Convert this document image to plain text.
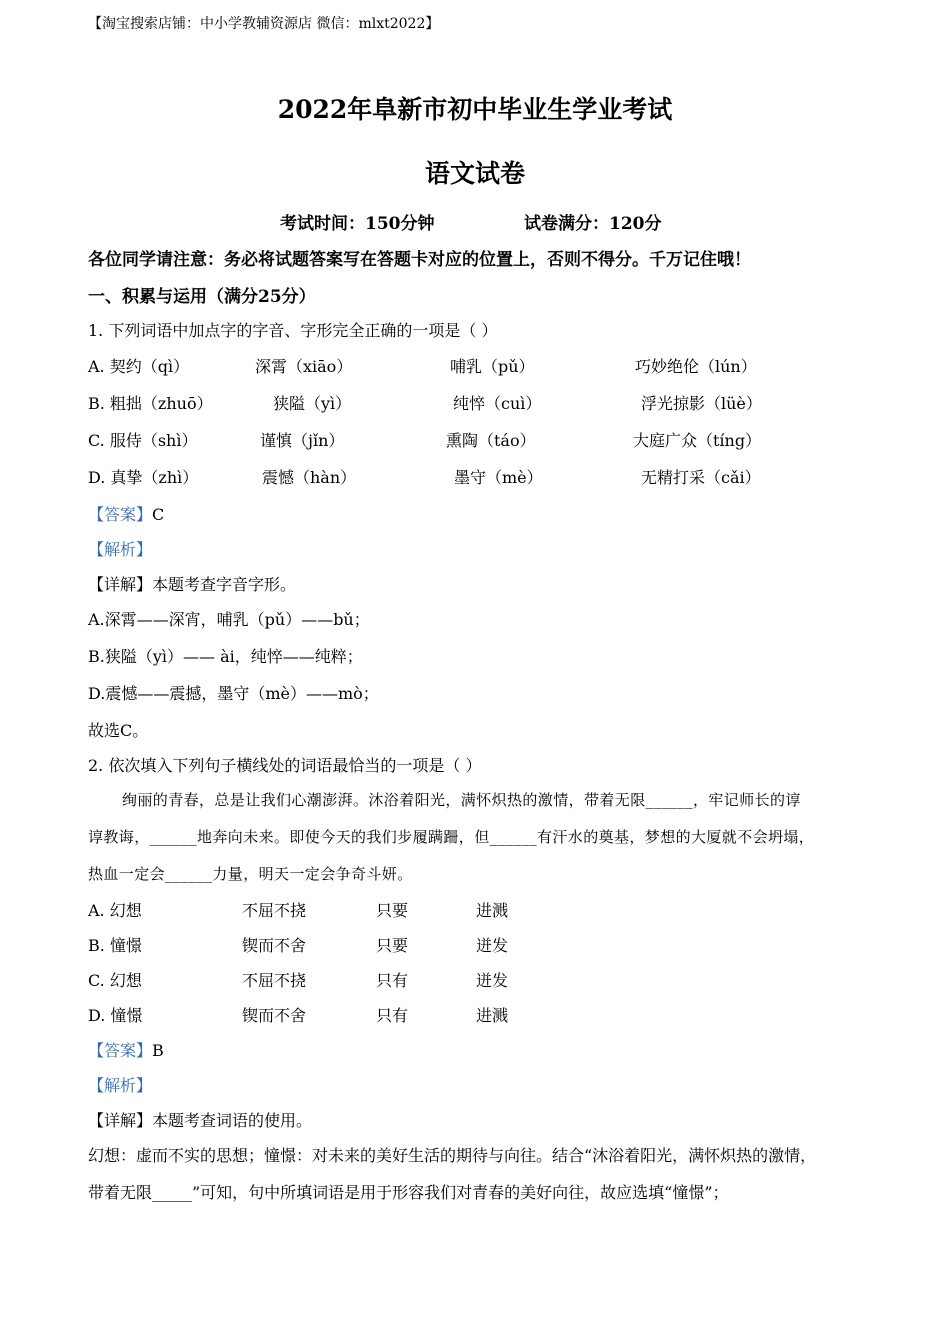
【淘宝搜索店铺：中小学教辅资源店 微信：mlxt2022】
2022年阜新市初中毕业生学业考试
语文试卷
考试时间：150分钟	试卷满分：120分
各位同学请注意：务必将试题答案写在答题卡对应的位置上，否则不得分。千万记住哦！
一、积累与运用（满分25分）
1. 下列词语中加点字的字音、字形完全正确的一项是（ ）
A. 契约（qì）	深霄（xiāo）	哺乳（pǔ）	巧妙绝伦（lún）
B. 粗拙（zhuō）	狭隘（yì）	纯悴（cuì）	浮光掠影（lüè）
C. 服侍（shì）	谨慎（jǐn）	熏陶（táo）	大庭广众（tíng）
D. 真挚（zhì）	震憾（hàn）	墨守（mè）	无精打采（cǎi）
【答案】C
【解析】
【详解】本题考查字音字形。
A.深霄——深宵，哺乳（pǔ）——bǔ；
B.狭隘（yì）—— ài，纯悴——纯粹；
D.震憾——震撼，墨守（mè）——mò；
故选C。
2. 依次填入下列句子横线处的词语最恰当的一项是（ ）
绚丽的青春，总是让我们心潮澎湃。沐浴着阳光，满怀炽热的激情，带着无限______，牢记师长的谆
谆教诲，______地奔向未来。即使今天的我们步履蹒跚，但______有汗水的奠基，梦想的大厦就不会坍塌，
热血一定会______力量，明天一定会争奇斗妍。
A. 幻想	不屈不挠	只要	进溅
B. 憧憬	锲而不舍	只要	迸发
C. 幻想	不屈不挠	只有	迸发
D. 憧憬	锲而不舍	只有	进溅
【答案】B
【解析】
【详解】本题考查词语的使用。
幻想：虚而不实的思想；憧憬：对未来的美好生活的期待与向往。结合“沐浴着阳光，满怀炽热的激情，
带着无限_____”可知，句中所填词语是用于形容我们对青春的美好向往，故应选填“憧憬”；
